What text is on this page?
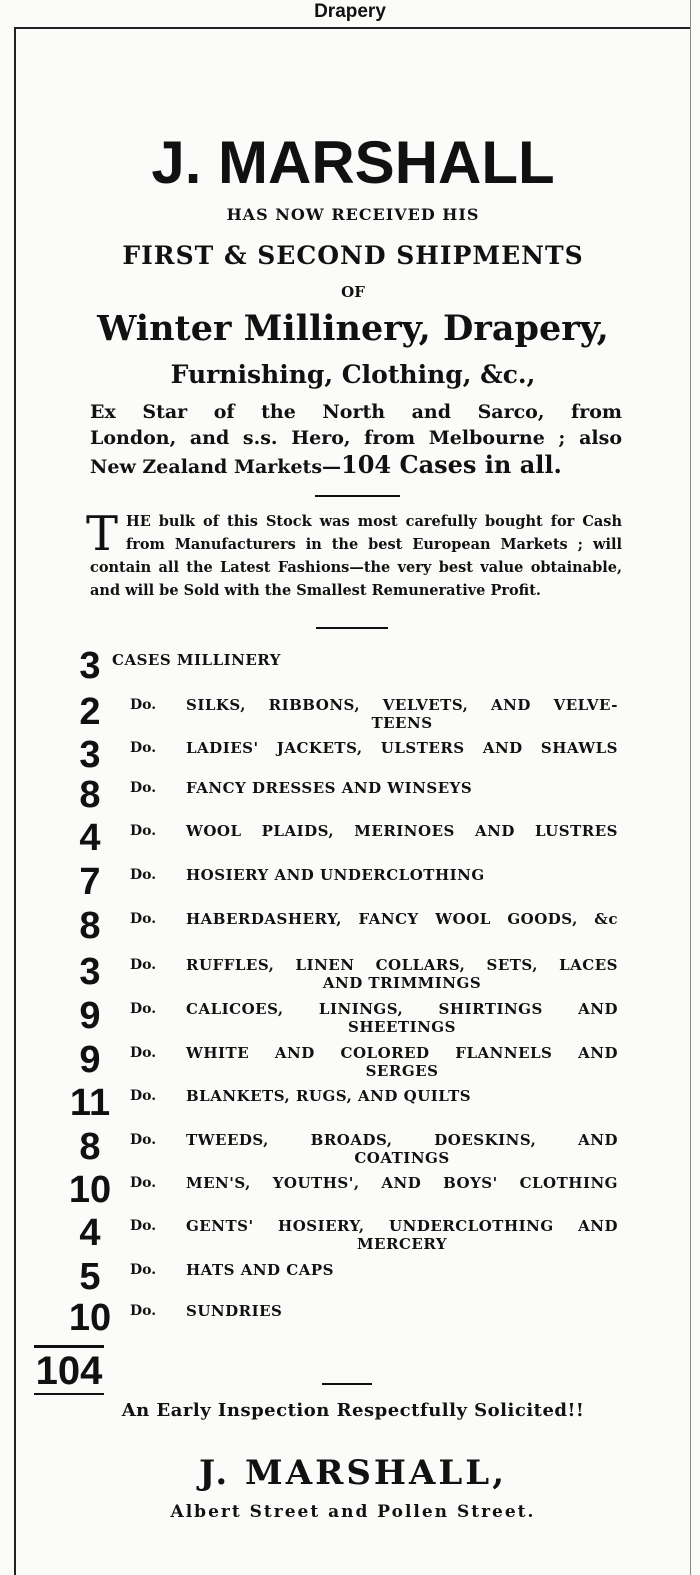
Drapery
J. MARSHALL
HAS NOW RECEIVED HIS
FIRST & SECOND SHIPMENTS
OF
Winter Millinery, Drapery,
Furnishing, Clothing, &c.,
Ex Star of the North and Sarco, from
London, and s.s. Hero, from Melbourne ; also
New Zealand Markets—104 Cases in all.
T HE bulk of this Stock was most carefully bought for Cash
from Manufacturers in the best European Markets ; will
contain all the Latest Fashions—the very best value obtainable,
and will be Sold with the Smallest Remunerative Profit.
3 CASES MILLINERY
2	Do.	SILKS, RIBBONS, VELVETS, AND VELVE-
TEENS
3	Do.	LADIES' JACKETS, ULSTERS AND SHAWLS
8	Do.	FANCY DRESSES AND WINSEYS
4	Do.	WOOL PLAIDS, MERINOES AND LUSTRES
7	Do.	HOSIERY AND UNDERCLOTHING
8	Do.	HABERDASHERY, FANCY WOOL GOODS, &c
3	Do.	RUFFLES, LINEN COLLARS, SETS, LACES
AND TRIMMINGS
9	Do.	CALICOES, LININGS, SHIRTINGS AND
SHEETINGS
9	Do.	WHITE AND COLORED FLANNELS AND
SERGES
11	Do.	BLANKETS, RUGS, AND QUILTS
8	Do.	TWEEDS, BROADS, DOESKINS, AND
COATINGS
10	Do.	MEN'S, YOUTHS', AND BOYS' CLOTHING
4	Do.	GENTS' HOSIERY, UNDERCLOTHING AND
MERCERY
5	Do.	HATS AND CAPS
10	Do.	SUNDRIES
104
An Early Inspection Respectfully Solicited!!
J. MARSHALL,
Albert Street and Pollen Street.
